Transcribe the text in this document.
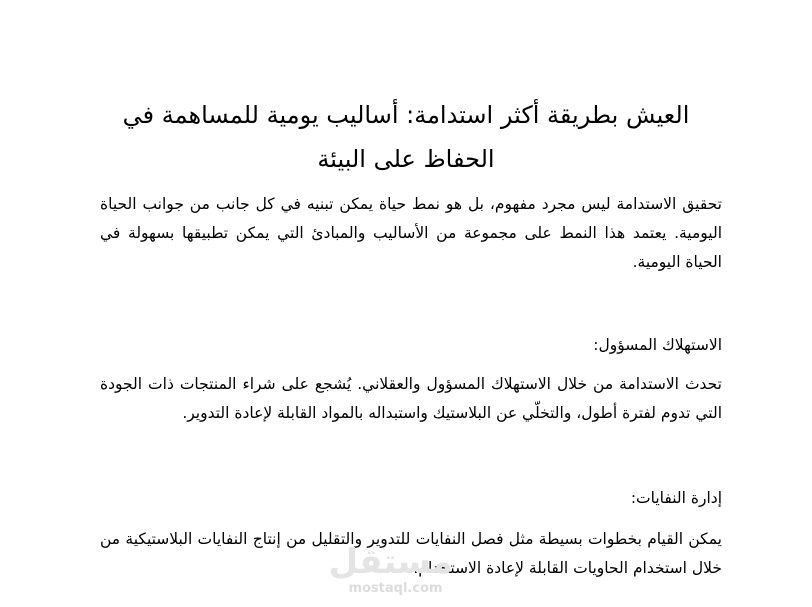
العيش بطريقة أكثر استدامة: أساليب يومية للمساهمة في الحفاظ على البيئة

تحقيق الاستدامة ليس مجرد مفهوم، بل هو نمط حياة يمكن تبنيه في كل جانب من جوانب الحياة اليومية. يعتمد هذا النمط على مجموعة من الأساليب والمبادئ التي يمكن تطبيقها بسهولة في الحياة اليومية.

الاستهلاك المسؤول:

تحدث الاستدامة من خلال الاستهلاك المسؤول والعقلاني. يُشجع على شراء المنتجات ذات الجودة التي تدوم لفترة أطول، والتخلّي عن البلاستيك واستبداله بالمواد القابلة لإعادة التدوير.

إدارة النفايات:

يمكن القيام بخطوات بسيطة مثل فصل النفايات للتدوير والتقليل من إنتاج النفايات البلاستيكية من خلال استخدام الحاويات القابلة لإعادة الاستخدام.

مستقل
mostaql.com
